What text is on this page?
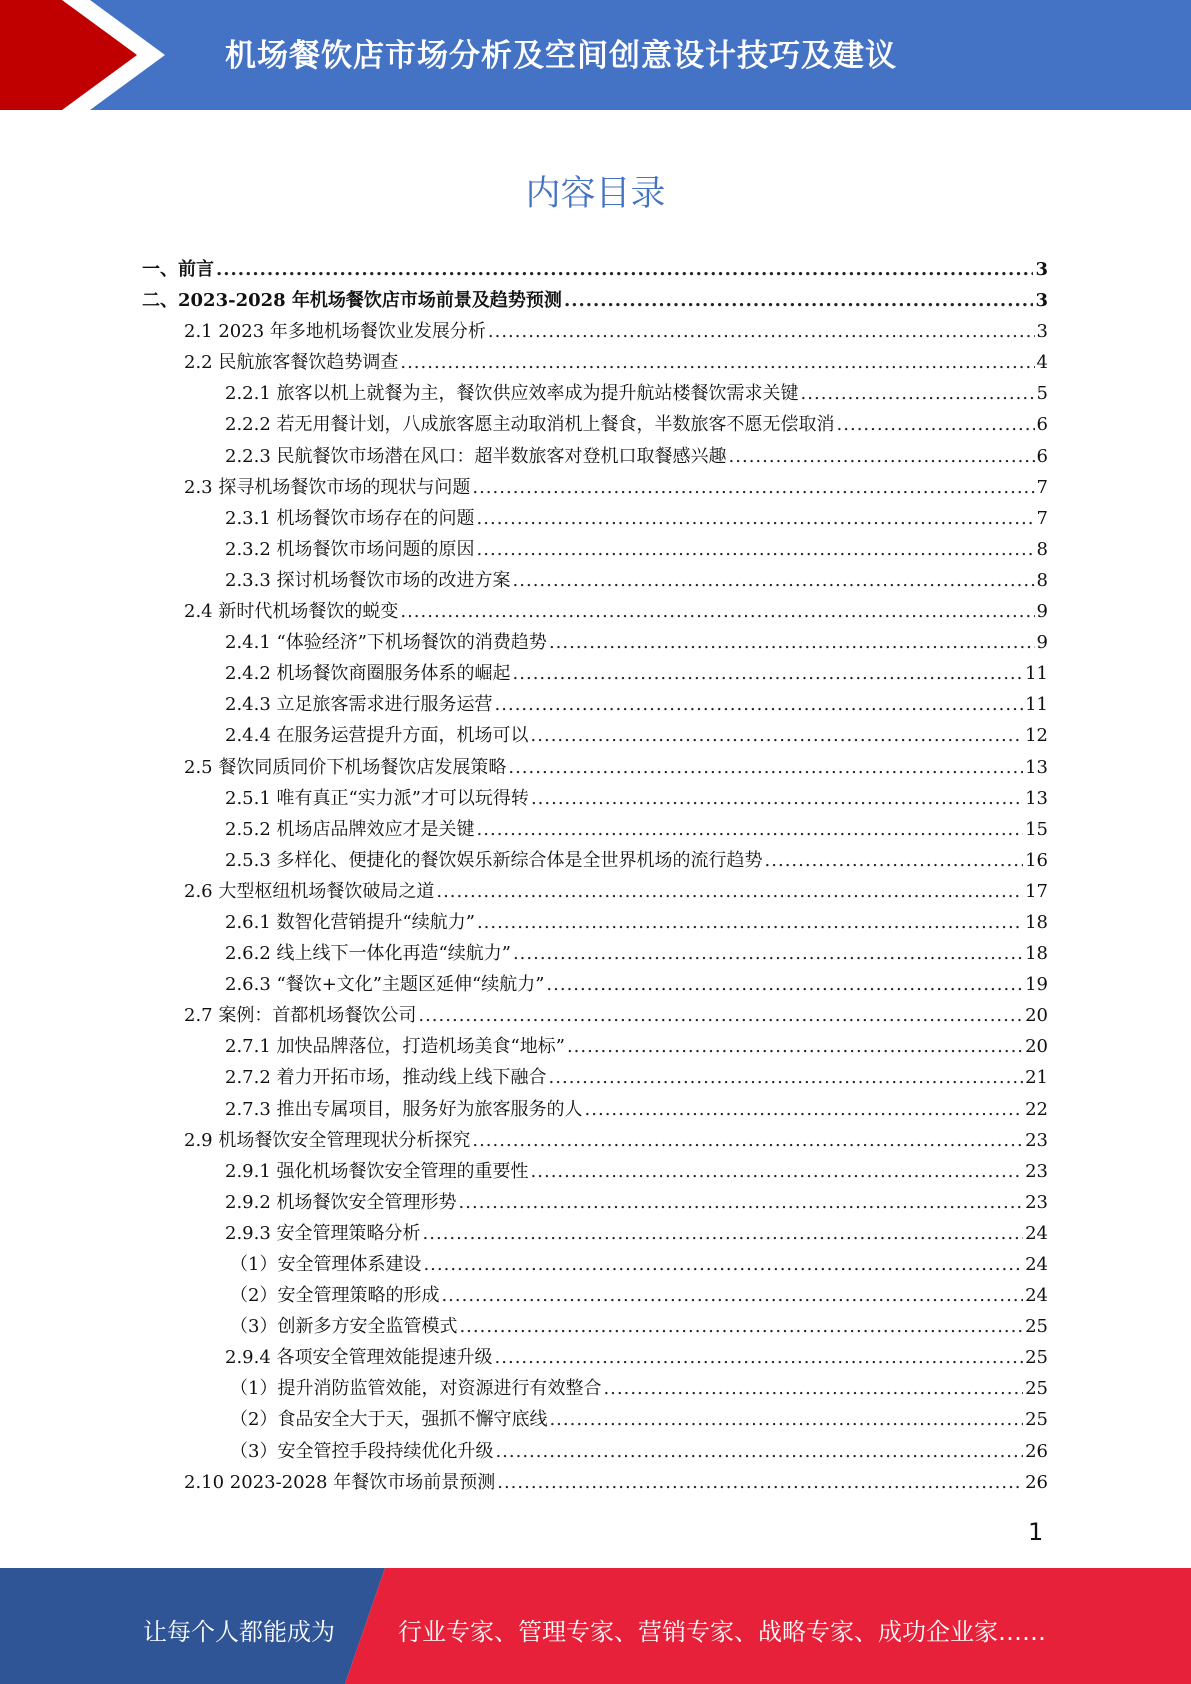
机场餐饮店市场分析及空间创意设计技巧及建议
内容目录
一、前言 .....	3
二、2023-2028 年机场餐饮店市场前景及趋势预测 .....	3
2.1 2023 年多地机场餐饮业发展分析 .....	3
2.2 民航旅客餐饮趋势调查 .....	4
2.2.1 旅客以机上就餐为主，餐饮供应效率成为提升航站楼餐饮需求关键 .....	5
2.2.2 若无用餐计划，八成旅客愿主动取消机上餐食，半数旅客不愿无偿取消 .....	6
2.2.3 民航餐饮市场潜在风口：超半数旅客对登机口取餐感兴趣 .....	6
2.3 探寻机场餐饮市场的现状与问题 .....	7
2.3.1 机场餐饮市场存在的问题 .....	7
2.3.2 机场餐饮市场问题的原因 .....	8
2.3.3 探讨机场餐饮市场的改进方案 .....	8
2.4 新时代机场餐饮的蜕变 .....	9
2.4.1 “体验经济”下机场餐饮的消费趋势 .....	9
2.4.2 机场餐饮商圈服务体系的崛起 .....	11
2.4.3 立足旅客需求进行服务运营 .....	11
2.4.4 在服务运营提升方面，机场可以 .....	12
2.5 餐饮同质同价下机场餐饮店发展策略 .....	13
2.5.1 唯有真正“实力派”才可以玩得转 .....	13
2.5.2 机场店品牌效应才是关键 .....	15
2.5.3 多样化、便捷化的餐饮娱乐新综合体是全世界机场的流行趋势 .....	16
2.6 大型枢纽机场餐饮破局之道 .....	17
2.6.1 数智化营销提升“续航力” .....	18
2.6.2 线上线下一体化再造“续航力” .....	18
2.6.3 “餐饮+文化”主题区延伸“续航力” .....	19
2.7 案例：首都机场餐饮公司 .....	20
2.7.1 加快品牌落位，打造机场美食“地标” .....	20
2.7.2 着力开拓市场，推动线上线下融合 .....	21
2.7.3 推出专属项目，服务好为旅客服务的人 .....	22
2.9 机场餐饮安全管理现状分析探究 .....	23
2.9.1 强化机场餐饮安全管理的重要性 .....	23
2.9.2 机场餐饮安全管理形势 .....	23
2.9.3 安全管理策略分析 .....	24
（1）安全管理体系建设 .....	24
（2）安全管理策略的形成 .....	24
（3）创新多方安全监管模式 .....	25
2.9.4 各项安全管理效能提速升级 .....	25
（1）提升消防监管效能，对资源进行有效整合 .....	25
（2）食品安全大于天，强抓不懈守底线 .....	25
（3）安全管控手段持续优化升级 .....	26
2.10 2023-2028 年餐饮市场前景预测 .....	26
1
让每个人都能成为	行业专家、管理专家、营销专家、战略专家、成功企业家……
